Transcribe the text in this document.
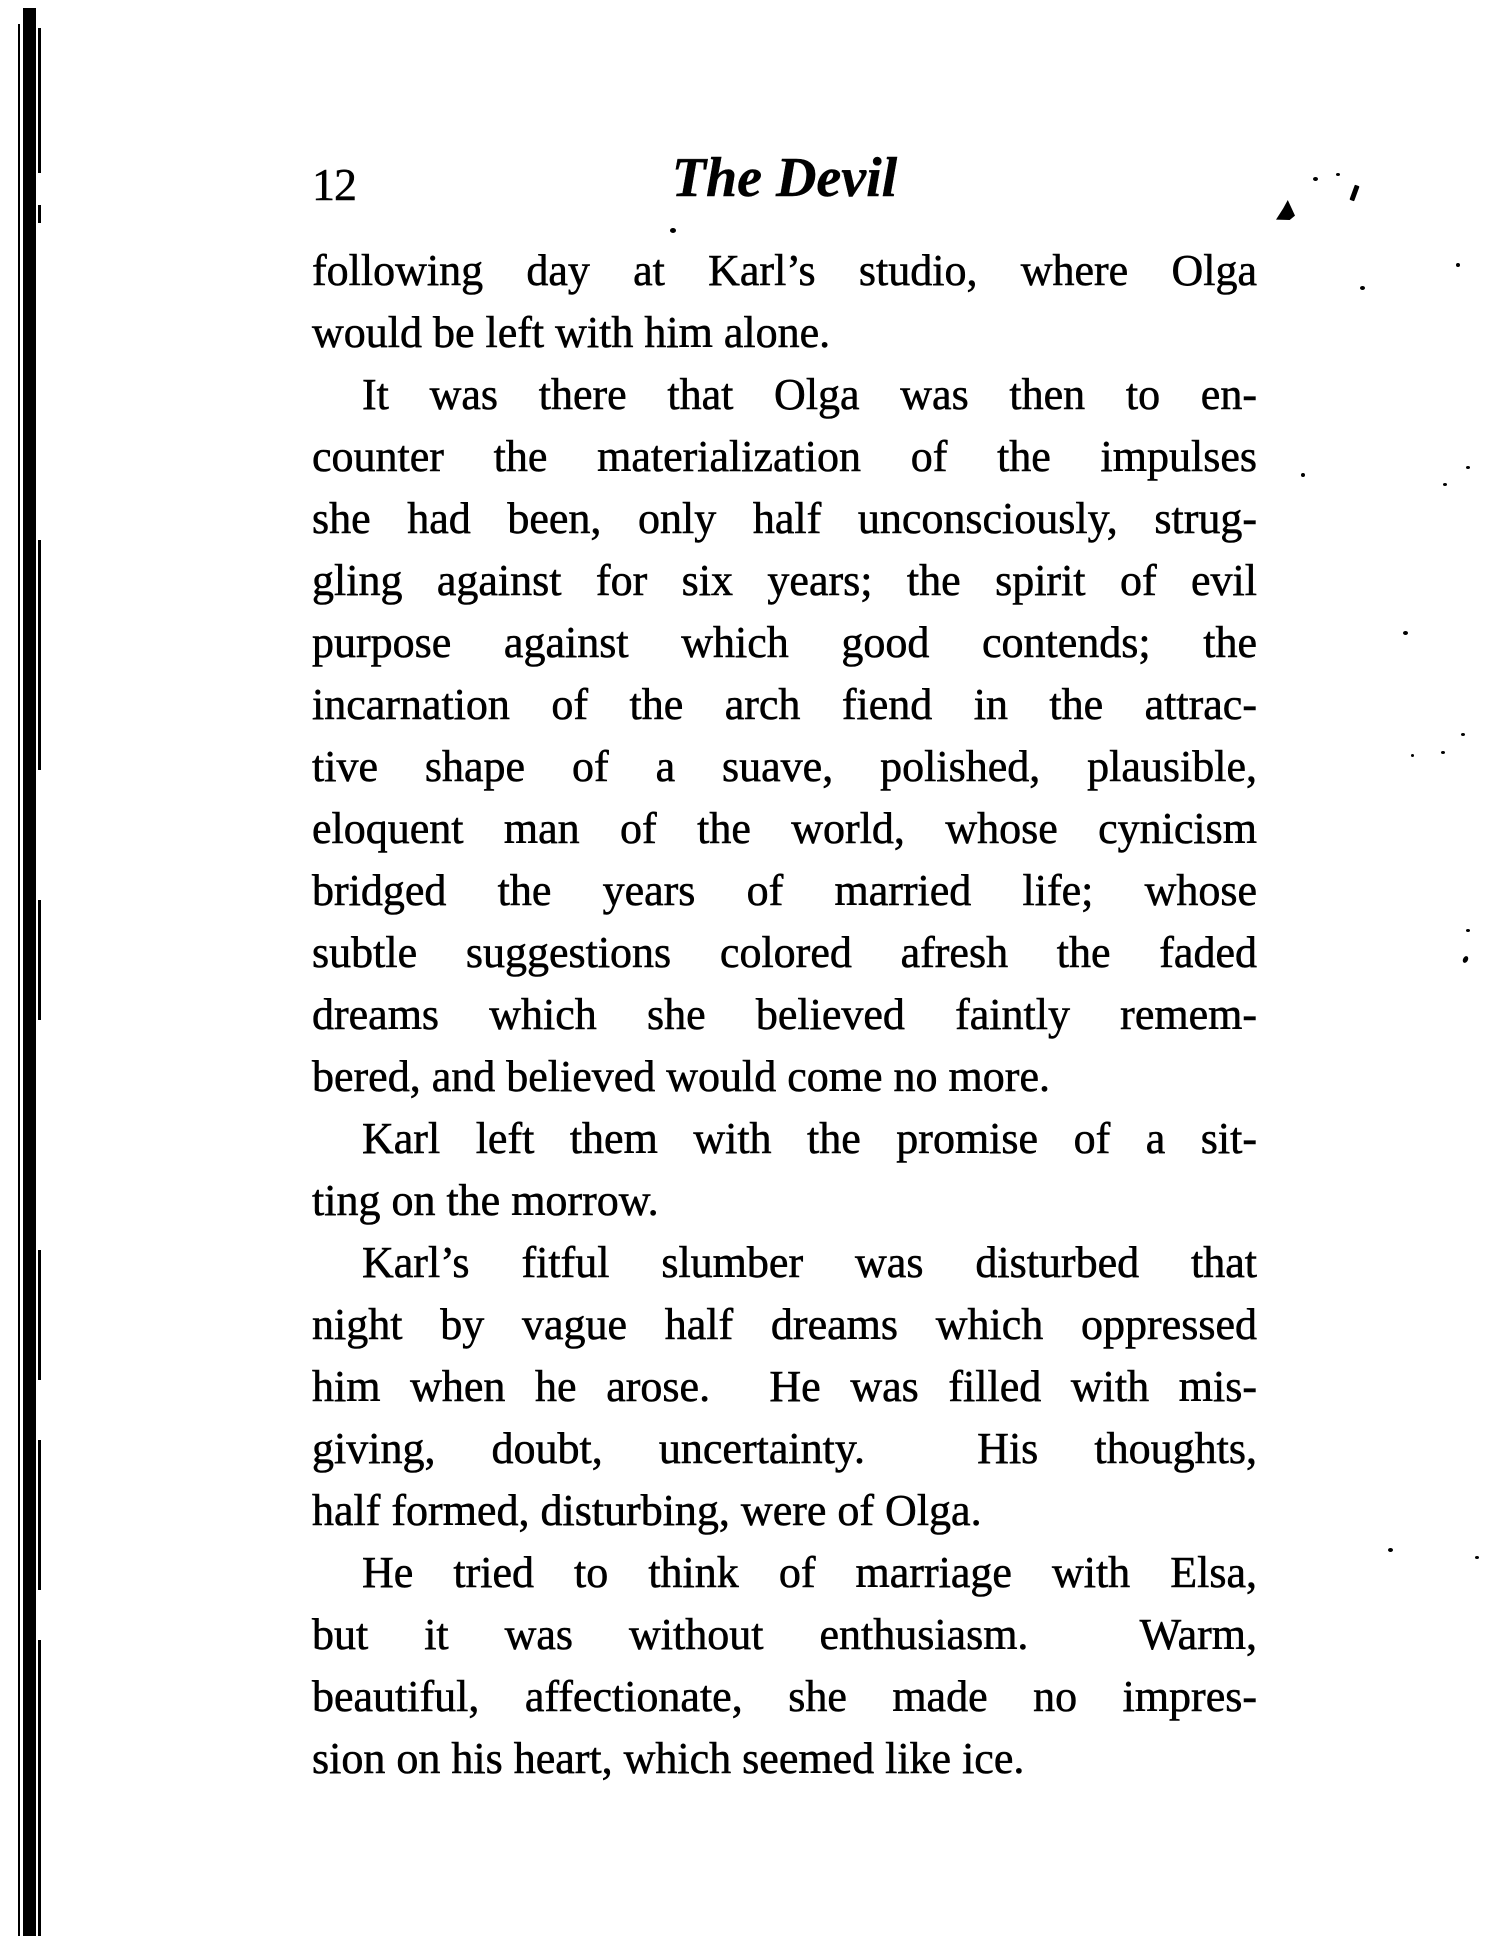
12	The Devil
following day at Karl’s studio, where Olga
would be left with him alone.
It was there that Olga was then to en-
counter the materialization of the impulses
she had been, only half unconsciously, strug-
gling against for six years; the spirit of evil
purpose against which good contends; the
incarnation of the arch fiend in the attrac-
tive shape of a suave, polished, plausible,
eloquent man of the world, whose cynicism
bridged the years of married life; whose
subtle suggestions colored afresh the faded
dreams which she believed faintly remem-
bered, and believed would come no more.
Karl left them with the promise of a sit-
ting on the morrow.
Karl’s fitful slumber was disturbed that
night by vague half dreams which oppressed
him when he arose.  He was filled with mis-
giving, doubt, uncertainty.  His thoughts,
half formed, disturbing, were of Olga.
He tried to think of marriage with Elsa,
but it was without enthusiasm.  Warm,
beautiful, affectionate, she made no impres-
sion on his heart, which seemed like ice.
